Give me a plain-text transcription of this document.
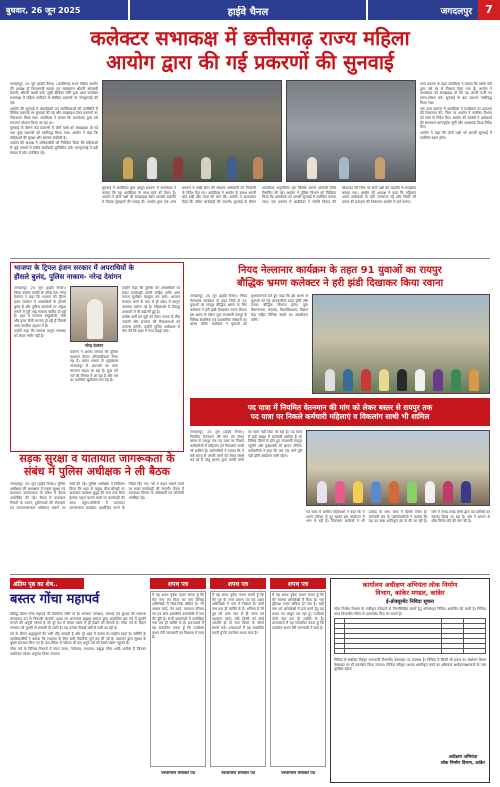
बुधवार, 26 जून 2025	हाईवे चैनल	जगदलपुर	7
कलेक्टर सभाकक्ष में छत्तीसगढ़ राज्य महिला
आयोग द्वारा की गई प्रकरणों की सुनवाई

जगदलपुर, 25 जून (हाईवे चैनल) । छत्तीसगढ़ राज्य महिला आयोग की अध्यक्ष डॉ किरणमयी नायक एवं सदस्यगण श्रीमती ओजस्वी मंडावी, श्रीमती लक्ष्मी वर्मा, सुश्री दीपिका सोरी द्वारा आज कलेक्टर सभाकक्ष में महिला उत्पीड़न से संबंधित प्रकरणों पर जनसुनवाई की गई।

आयोग की सुनवाई में अनावेदकों एवं आवेदिकाओं की उपस्थिति में विभिन्न प्रकरणों पर सुनवाई की गई और समझाइश देकर प्रकरणों का निराकरण किया गया। आवेदिका ने बताया कि अनावेदक द्वारा उसे लगातार परेशान किया जा रहा था।

सुनवाई के दौरान कई प्रकरणों में दोनों पक्षों को समझाइश दी गई तथा कुछ प्रकरणों को नस्तीबद्ध किया गया। आयोग ने कहा कि महिलाओं की सुरक्षा और सम्मान सर्वोपरि है।

आयोग की अध्यक्ष ने अधिकारियों को निर्देशित किया कि महिलाओं से जुड़े मामलों में त्वरित कार्यवाही सुनिश्चित करें। जनसुनवाई में बड़ी संख्या में लोग उपस्थित रहे।

अन्य प्रकरण के तहत आवेदिका ने बताया कि उसके पति द्वारा उसे घर से निकाल दिया गया है। आयोग ने अनावेदक को समझाइश दी कि वह अपनी पत्नी का भरण-पोषण करे। सुनवाई के बाद प्रकरण नस्तीबद्ध किया गया।

एक अन्य प्रकरण में आवेदिका ने कार्यस्थल पर प्रताड़ना की शिकायत की, जिस पर आयोग ने संबंधित विभाग को जांच के निर्देश दिए। आयोग की सदस्यों ने आवेदकों की समस्याएं ध्यानपूर्वक सुनीं और आवश्यक दिशा-निर्देश दिए।

आयोग ने कहा कि दोनों पक्षों को अगली सुनवाई में उपस्थित रहना होगा।

सुनवाई में आवेदिका द्वारा प्रस्तुत प्रकरण में अनावेदक ने बताया कि वह आवेदिका के साथ रहने को तैयार है। आयोग ने दोनों पक्षों को समझाइश देकर आपसी सहमति से विवाद सुलझाने की सलाह दी। आयोग द्वारा एक अन्य प्रकरण में सखी सेंटर की संरक्षण अधिकारी को निगरानी के निर्देश दिए गए। आवेदिका ने आयोग के समक्ष अपनी बात रखी और न्याय की मांग की। आयोग ने आश्वासन दिया कि उचित कार्यवाही की जाएगी। सुनवाई के दौरान अनावेदक अनुपस्थित रहा जिसके कारण आगामी तिथि निर्धारित की गई। आयोग ने पुलिस विभाग को निर्देशित किया कि अनावेदक को अगली सुनवाई में उपस्थित कराया जाए। एक प्रकरण में आवेदिका ने संपत्ति विवाद की शिकायत की जिस पर दोनों पक्षों की सहमति से समझौता कराया गया। आयोग की अध्यक्ष ने कहा कि महिलाएं अपने अधिकारों के प्रति जागरूक रहें और किसी भी प्रकार की प्रताड़ना की शिकायत आयोग में दर्ज कराएं।

भाजपा के ट्रिपल इंजन सरकार में अपराधियों के
हौसले बुलंद, पुलिस नाकाम- नरेन्द्र देवांगन

जगदलपुर, 25 जून (हाईवे चैनल)। जिला कांग्रेस कमेटी के वरिष्ठ नेता नरेन्द्र देवांगन ने कहा कि भाजपा की ट्रिपल इंजन सरकार में अपराधियों के हौसले बुलंद हैं और पुलिस अपराधों पर अंकुश लगाने में पूरी तरह नाकाम साबित हो रही है। शहर में लगातार चाकूबाजी, चोरी और हत्या जैसी घटनाएं हो रही हैं जिससे आम नागरिक दहशत में हैं।

उन्होंने कहा कि सरकार कानून व्यवस्था को लेकर गंभीर नहीं है।

नरेन्द्र देवांगन

देवांगन ने आरोप लगाया कि पुलिस प्रशासन केवल औपचारिकता निभा रहा है। बस्तर संभाग के मुख्यालय जगदलपुर में अपराधों का ग्राफ लगातार बढ़ता जा रहा है। युवा वर्ग नशे की गिरफ्त में आ रहा है और नशे का कारोबार खुलेआम चल रहा है।

उन्होंने कहा कि पुलिस को अपराधियों पर सख्त कार्यवाही करनी चाहिए ताकि आम जनता सुरक्षित महसूस कर सके। भाजपा सरकार बनने के बाद से ही प्रदेश में कानून व्यवस्था चरमरा गई है। महिलाओं के विरुद्ध अपराधों में भी बढ़ोतरी हुई है।

कांग्रेस पार्टी इन मुद्दों को लेकर जनता के बीच जाएगी और सरकार की विफलताओं को उजागर करेगी। उन्होंने पुलिस अधीक्षक से मांग की कि शहर में गश्त बढ़ाई जाए।

नियद नेल्लानार कार्यक्रम के तहत 91 युवाओं का रायपुर
बौद्धिक भ्रमण कलेक्टर ने हरी झंडी दिखाकर किया रवाना

जगदलपुर, 25 जून (हाईवे चैनल)। नियद नेल्लानार कार्यक्रम के तहत जिले के 91 युवाओं का रायपुर बौद्धिक भ्रमण के लिए कलेक्टर ने हरी झंडी दिखाकर रवाना किया। इस भ्रमण के दौरान युवा राजधानी रायपुर के विभिन्न शैक्षणिक एवं प्रशासनिक संस्थानों का भ्रमण करेंगे। कलेक्टर ने युवाओं को शुभकामनाएं देते हुए कहा कि इस भ्रमण से युवाओं को नई जानकारियां प्राप्त होंगी और उनका बौद्धिक विकास होगा। युवा विधानसभा, मंत्रालय, विश्वविद्यालय, विज्ञान केंद्र सहित विभिन्न स्थलों का अवलोकन करेंगे।

सड़क सुरक्षा व यातायात जागरूकता के
संबंध में पुलिस अधीक्षक ने ली बैठक

जगदलपुर, 25 जून (हाईवे चैनल)। पुलिस अधीक्षक की अध्यक्षता में सड़क सुरक्षा एवं यातायात जागरूकता के संबंध में बैठक आयोजित की गई। बैठक में यातायात नियमों के पालन, दुर्घटनाओं की रोकथाम एवं जनजागरूकता अभियान चलाने पर चर्चा की गई। पुलिस अधीक्षक ने निर्देशित किया कि शहर के प्रमुख चौक-चौराहों पर यातायात व्यवस्था सुदृढ़ की जाए तथा बिना हेलमेट वाहन चलाने वालों पर कार्यवाही की जाए। स्कूल-कॉलेजों में यातायात जागरूकता कार्यक्रम आयोजित करने के निर्देश दिए गए। नशे में वाहन चलाने वालों पर सख्त कार्यवाही की जाएगी। बैठक में यातायात विभाग के अधिकारी एवं कर्मचारी उपस्थित रहे।

पद यात्रा में नियमित वेतनमान की मांग को लेकर बस्तर से रायपुर तक
पद यात्रा पर निकले कर्मचारी महिलाएं व विकलांग साथी भी शामिल

जगदलपुर, 25 जून (हाईवे चैनल)। नियमित वेतनमान की मांग को लेकर बस्तर से रायपुर तक पद यात्रा पर निकले कर्मचारियों में महिलाएं एवं विकलांग साथी भी शामिल हैं। कर्मचारियों ने बताया कि वे लंबे समय से अपनी मांगों को लेकर संघर्ष कर रहे हैं परंतु शासन द्वारा उनकी मांगों पर ध्यान नहीं दिया जा रहा है। पद यात्रा में बड़ी संख्या में कर्मचारी शामिल हैं जो विभिन्न जिलों से होते हुए राजधानी रायपुर पहुंचेंगे और मुख्यमंत्री को ज्ञापन सौंपेंगे। कर्मचारियों ने कहा कि जब तक मांगें पूरी नहीं होंगी आंदोलन जारी रहेगा।

पद यात्रा में शामिल महिलाओं ने कहा कि वे अपने परिवार से दूर रहकर इस आंदोलन में भाग ले रही हैं। विकलांग साथियों ने भी उत्साह के साथ यात्रा में हिस्सा लिया है। कर्मचारी संघ के पदाधिकारियों ने बताया कि यह पद यात्रा शांतिपूर्ण ढंग से की जा रही है। मार्ग में जगह-जगह लोगों द्वारा पद यात्रियों का स्वागत किया जा रहा है। संघ ने शासन से शीघ्र निर्णय लेने की मांग की है।

अंतिम पृष्ठ का शेष..
बस्तर गोंचा महापर्व

प्रसिद्ध बस्तर गोंचा महापर्व की तैयारियां जोरों पर हैं। भगवान जगन्नाथ, बलभद्र एवं सुभद्रा की रथयात्रा परंपरागत ढंग से निकाली जाएगी। 360 घर आरण्यक ब्राह्मण समाज द्वारा आयोजित इस पर्व में तुपकी चलाने की अनूठी परंपरा है जो पूरे देश में केवल बस्तर में ही देखने को मिलती है। गोंचा पर्व के दौरान भगवान को तुपकी से सलामी दी जाती है। यह परंपरा सैकड़ों वर्षों से चली आ रही है।

पर्व के दौरान श्रद्धालुओं की भारी भीड़ उमड़ती है और पूरे शहर में उत्सव का माहौल रहता है। समिति के पदाधिकारियों ने बताया कि रथयात्रा के लिए सभी तैयारियां पूर्ण कर ली गई हैं। प्रशासन द्वारा सुरक्षा के पुख्ता इंतजाम किए गए हैं। देश-विदेश से पर्यटक भी इस अनूठे पर्व को देखने बस्तर पहुंचते हैं।

गोंचा पर्व के विभिन्न विधानों में चंदन जात्रा, नेत्रोत्सव, रथयात्रा, बाहुड़ा गोंचा आदि शामिल हैं जिनका आयोजन परंपरा अनुसार किया जाएगा।

शपथ पत्र

मैं यह शपथ पूर्वक कथन करता हूँ कि मेरा नाम एवं पिता का नाम विभिन्न अभिलेखों में भिन्न-भिन्न अंकित है। मेरे आधार कार्ड, पेन कार्ड, मतदाता परिचय पत्र एवं अन्य शासकीय दस्तावेजों में नाम की त्रुटि है। सभी दस्तावेजों में उल्लेखित नाम एक ही व्यक्ति के हैं। शपथकर्ता मैं यह सत्यापित करता हूँ कि उपरोक्त कथन मेरी जानकारी एवं विश्वास में सत्य है।

नवजागरण समाचार पत्र
शपथ पत्र

मैं यह शपथ पूर्वक कथन करती हूँ कि मेरे पुत्र के जन्म प्रमाण पत्र एवं शाला अभिलेखों में नाम में भिन्नता है। दोनों नाम एक ही व्यक्ति के हैं। भविष्य में मेरे पुत्र को उक्त नाम से ही जाना एवं पहचाना जावे। यदि किसी को कोई आपत्ति हो तो सात दिवस के भीतर संपर्क करें। शपथकर्ता मैं यह सत्यापित करती हूँ कि उपरोक्त कथन सत्य है।

नवजागरण समाचार पत्र
शपथ पत्र

मैं यह शपथ पूर्वक कथन करता हूँ कि मेरे राजस्व अभिलेखों में पिता का नाम त्रुटिवश गलत अंकित हो गया है। सही नाम को अभिलेखों में दर्ज करने हेतु यह शपथ पत्र प्रस्तुत कर रहा हूँ। उपरोक्त दोनों नाम एक ही व्यक्ति के हैं। शपथकर्ता मैं यह सत्यापित करता हूँ कि उपरोक्त कथन मेरी जानकारी में सत्य है।

नवजागरण समाचार पत्र
कार्यालय अधीक्षण अभियंता लोक निर्माण
विभाग, कांकेर मण्डल, कांकेर
ई-प्रोक्यूरमेंट निविदा सूचना
लोक निर्माण विभाग के पंजीकृत ठेकेदारों से निम्नलिखित कार्यों हेतु ऑनलाइन निविदा आमंत्रित की जाती है। निविदा प्रपत्र विभागीय पोर्टल से डाउनलोड किए जा सकते हैं।

निविदा से संबंधित विस्तृत जानकारी विभागीय वेबसाइट पर उपलब्ध है। निविदा में किसी भी प्रकार का संशोधन केवल वेबसाइट पर ही प्रकाशित किया जाएगा। निविदा स्वीकृत अथवा अस्वीकृत करने का अधिकार अधोहस्ताक्षरकर्ता के पास सुरक्षित रहेगा।
अधीक्षण अभियंता
लोक निर्माण विभाग, कांकेर
